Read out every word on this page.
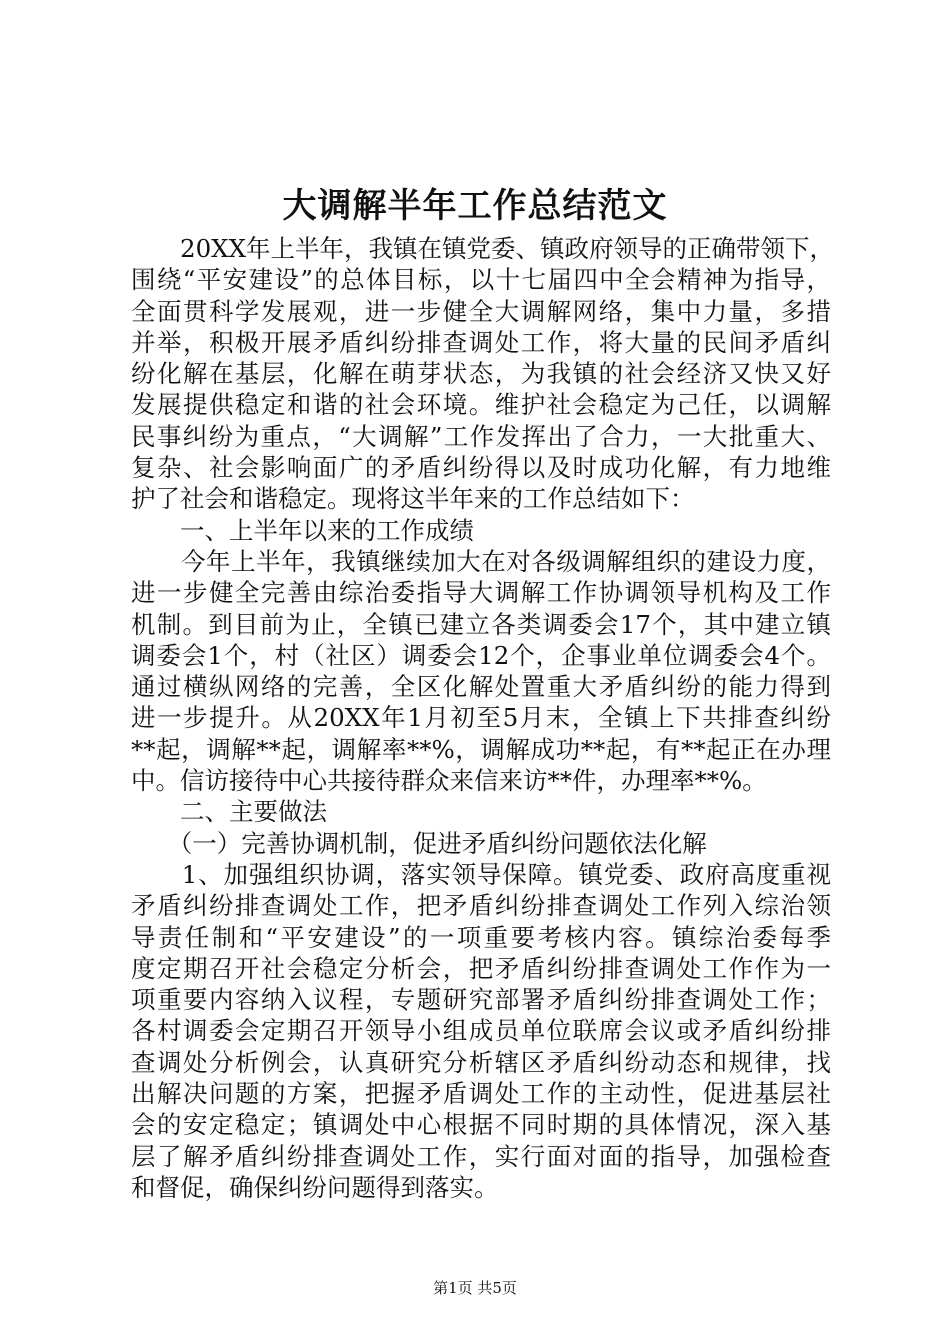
大调解半年工作总结范文
　　20XX年上半年，我镇在镇党委、镇政府领导的正确带领下，
围绕“平安建设”的总体目标，以十七届四中全会精神为指导，
全面贯科学发展观，进一步健全大调解网络，集中力量，多措
并举，积极开展矛盾纠纷排查调处工作，将大量的民间矛盾纠
纷化解在基层，化解在萌芽状态，为我镇的社会经济又快又好
发展提供稳定和谐的社会环境。维护社会稳定为己任，以调解
民事纠纷为重点，“大调解”工作发挥出了合力，一大批重大、
复杂、社会影响面广的矛盾纠纷得以及时成功化解，有力地维
护了社会和谐稳定。现将这半年来的工作总结如下：
　　一、上半年以来的工作成绩
　　今年上半年，我镇继续加大在对各级调解组织的建设力度，
进一步健全完善由综治委指导大调解工作协调领导机构及工作
机制。到目前为止，全镇已建立各类调委会17个，其中建立镇
调委会1个，村（社区）调委会12个，企事业单位调委会4个。
通过横纵网络的完善，全区化解处置重大矛盾纠纷的能力得到
进一步提升。从20XX年1月初至5月末，全镇上下共排查纠纷
**起，调解**起，调解率**%，调解成功**起，有**起正在办理
中。信访接待中心共接待群众来信来访**件，办理率**%。
　　二、主要做法
　　（一）完善协调机制，促进矛盾纠纷问题依法化解
　　1、加强组织协调，落实领导保障。镇党委、政府高度重视
矛盾纠纷排查调处工作，把矛盾纠纷排查调处工作列入综治领
导责任制和“平安建设”的一项重要考核内容。镇综治委每季
度定期召开社会稳定分析会，把矛盾纠纷排查调处工作作为一
项重要内容纳入议程，专题研究部署矛盾纠纷排查调处工作；
各村调委会定期召开领导小组成员单位联席会议或矛盾纠纷排
查调处分析例会，认真研究分析辖区矛盾纠纷动态和规律，找
出解决问题的方案，把握矛盾调处工作的主动性，促进基层社
会的安定稳定；镇调处中心根据不同时期的具体情况，深入基
层了解矛盾纠纷排查调处工作，实行面对面的指导，加强检查
和督促，确保纠纷问题得到落实。
第1页 共5页
